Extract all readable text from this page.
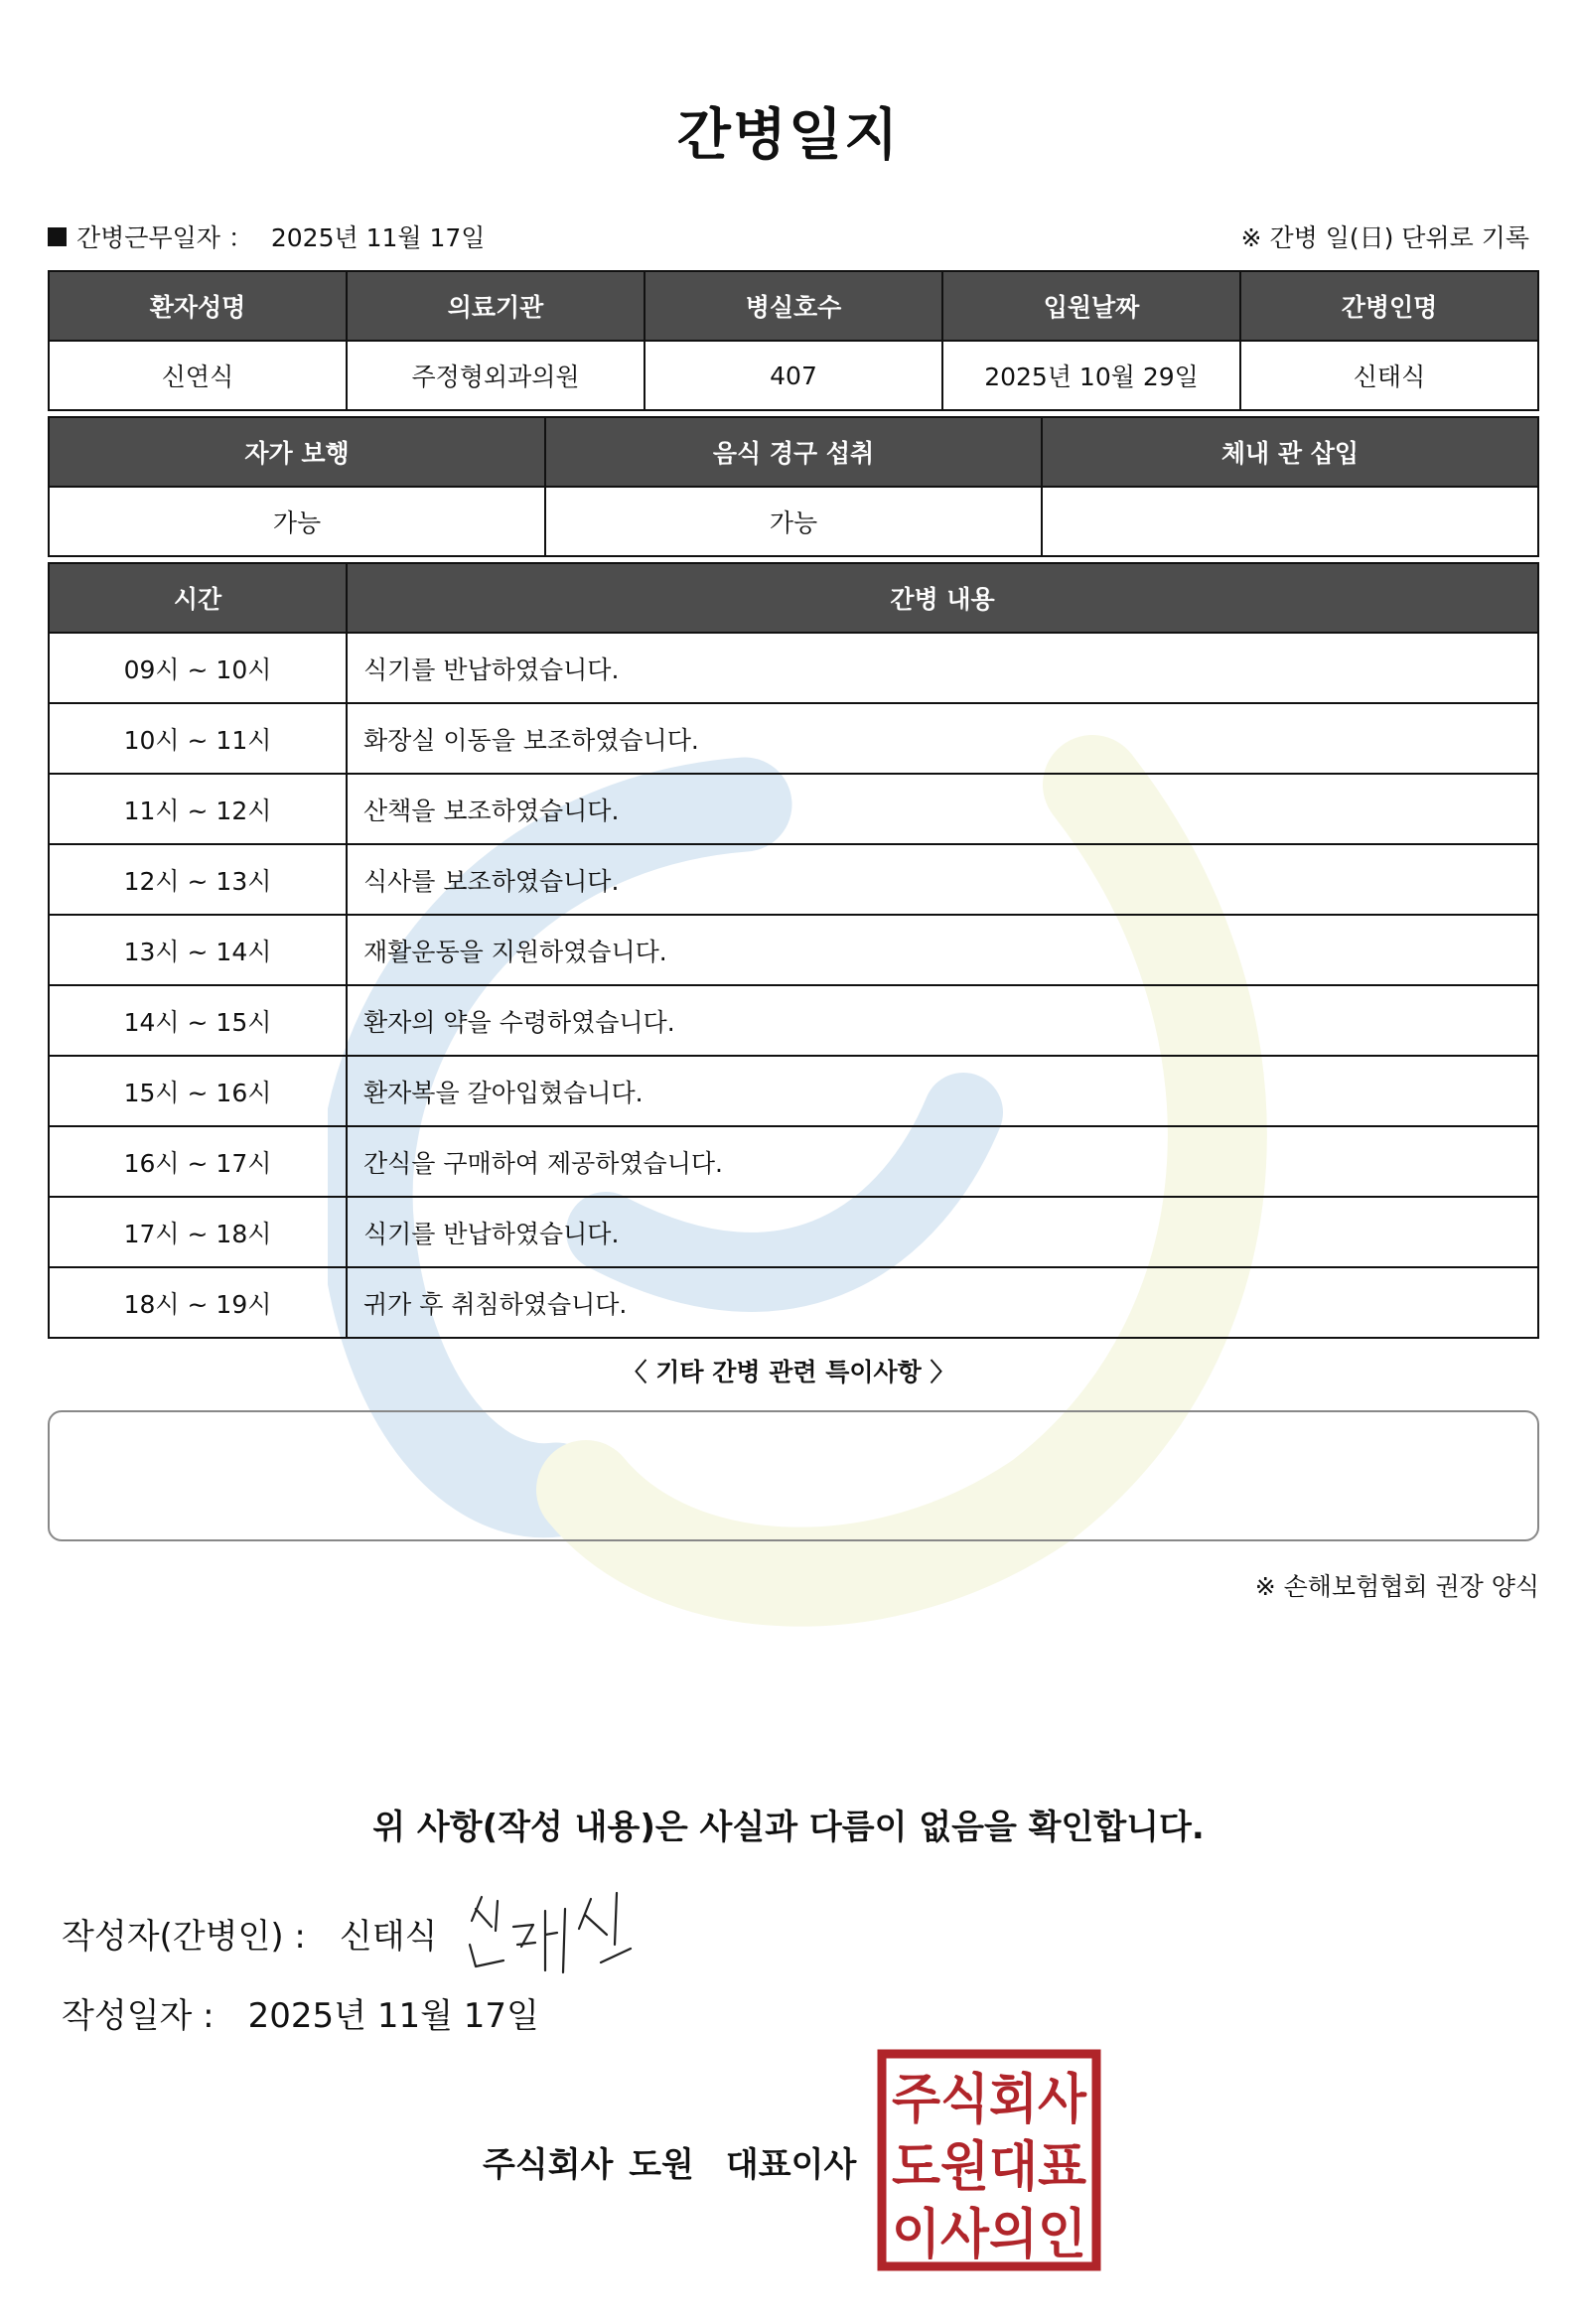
간병일지
간병근무일자 ： 2025년 11월 17일	※ 간병 일(日) 단위로 기록
환자성명	의료기관	병실호수	입원날짜	간병인명
신연식	주정형외과의원	407	2025년 10월 29일	신태식
자가 보행	음식 경구 섭취	체내 관 삽입
가능	가능	
시간	간병 내용
09시 ~ 10시	식기를 반납하였습니다.
10시 ~ 11시	화장실 이동을 보조하였습니다.
11시 ~ 12시	산책을 보조하였습니다.
12시 ~ 13시	식사를 보조하였습니다.
13시 ~ 14시	재활운동을 지원하였습니다.
14시 ~ 15시	환자의 약을 수령하였습니다.
15시 ~ 16시	환자복을 갈아입혔습니다.
16시 ~ 17시	간식을 구매하여 제공하였습니다.
17시 ~ 18시	식기를 반납하였습니다.
18시 ~ 19시	귀가 후 취침하였습니다.
〈 기타 간병 관련 특이사항 〉
※ 손해보험협회 권장 양식
위 사항(작성 내용)은 사실과 다름이 없음을 확인합니다.
작성자(간병인) : 신태식
작성일자 : 2025년 11월 17일
주식회사 도원 대표이사
주식회사
도원대표
이사의인
